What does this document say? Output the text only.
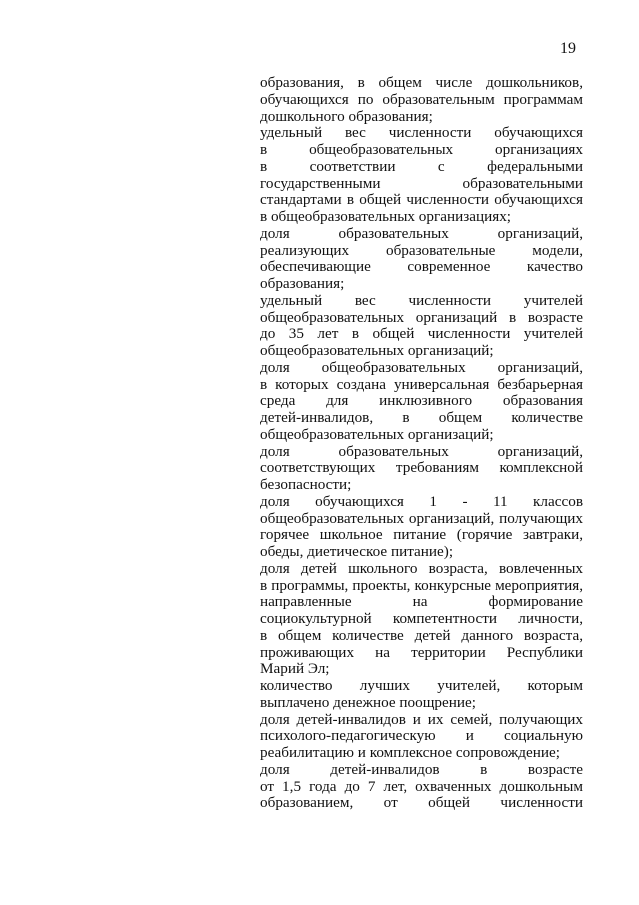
19
образования, в общем числе дошкольников,
обучающихся по образовательным программам
дошкольного образования;
удельный вес численности обучающихся
в общеобразовательных организациях
в соответствии с федеральными
государственными образовательными
стандартами в общей численности обучающихся
в общеобразовательных организациях;
доля образовательных организаций,
реализующих образовательные модели,
обеспечивающие современное качество
образования;
удельный вес численности учителей
общеобразовательных организаций в возрасте
до 35 лет в общей численности учителей
общеобразовательных организаций;
доля общеобразовательных организаций,
в которых создана универсальная безбарьерная
среда для инклюзивного образования
детей-инвалидов, в общем количестве
общеобразовательных организаций;
доля образовательных организаций,
соответствующих требованиям комплексной
безопасности;
доля обучающихся 1 - 11 классов
общеобразовательных организаций, получающих
горячее школьное питание (горячие завтраки,
обеды, диетическое питание);
доля детей школьного возраста, вовлеченных
в программы, проекты, конкурсные мероприятия,
направленные на формирование
социокультурной компетентности личности,
в общем количестве детей данного возраста,
проживающих на территории Республики
Марий Эл;
количество лучших учителей, которым
выплачено денежное поощрение;
доля детей-инвалидов и их семей, получающих
психолого-педагогическую и социальную
реабилитацию и комплексное сопровождение;
доля детей-инвалидов в возрасте
от 1,5 года до 7 лет, охваченных дошкольным
образованием, от общей численности
